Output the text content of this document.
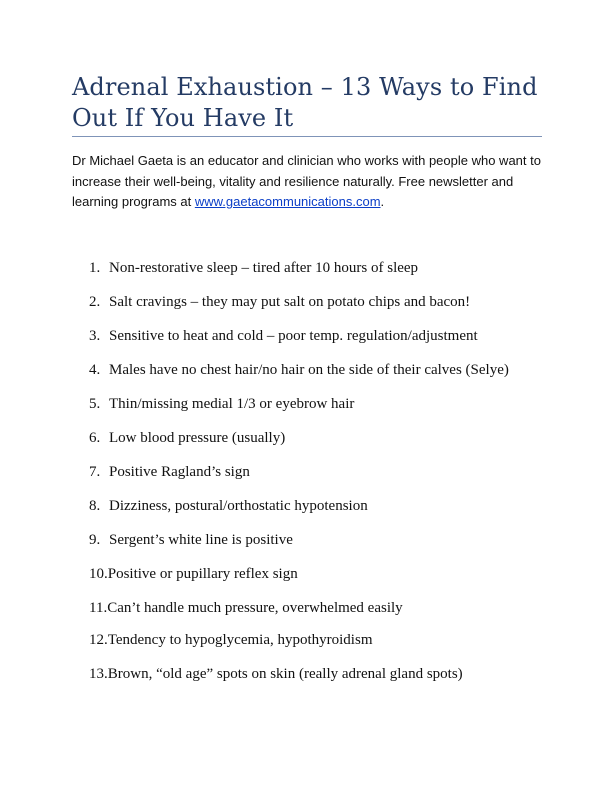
Adrenal Exhaustion – 13 Ways to Find Out If You Have It

Dr Michael Gaeta is an educator and clinician who works with people who want to increase their well-being, vitality and resilience naturally. Free newsletter and learning programs at www.gaetacommunications.com.

1. Non-restorative sleep – tired after 10 hours of sleep
2. Salt cravings – they may put salt on potato chips and bacon!
3. Sensitive to heat and cold – poor temp. regulation/adjustment
4. Males have no chest hair/no hair on the side of their calves (Selye)
5. Thin/missing medial 1/3 or eyebrow hair
6. Low blood pressure (usually)
7. Positive Ragland’s sign
8. Dizziness, postural/orthostatic hypotension
9. Sergent’s white line is positive
10.Positive or pupillary reflex sign
11.Can’t handle much pressure, overwhelmed easily
12.Tendency to hypoglycemia, hypothyroidism
13.Brown, “old age” spots on skin (really adrenal gland spots)
